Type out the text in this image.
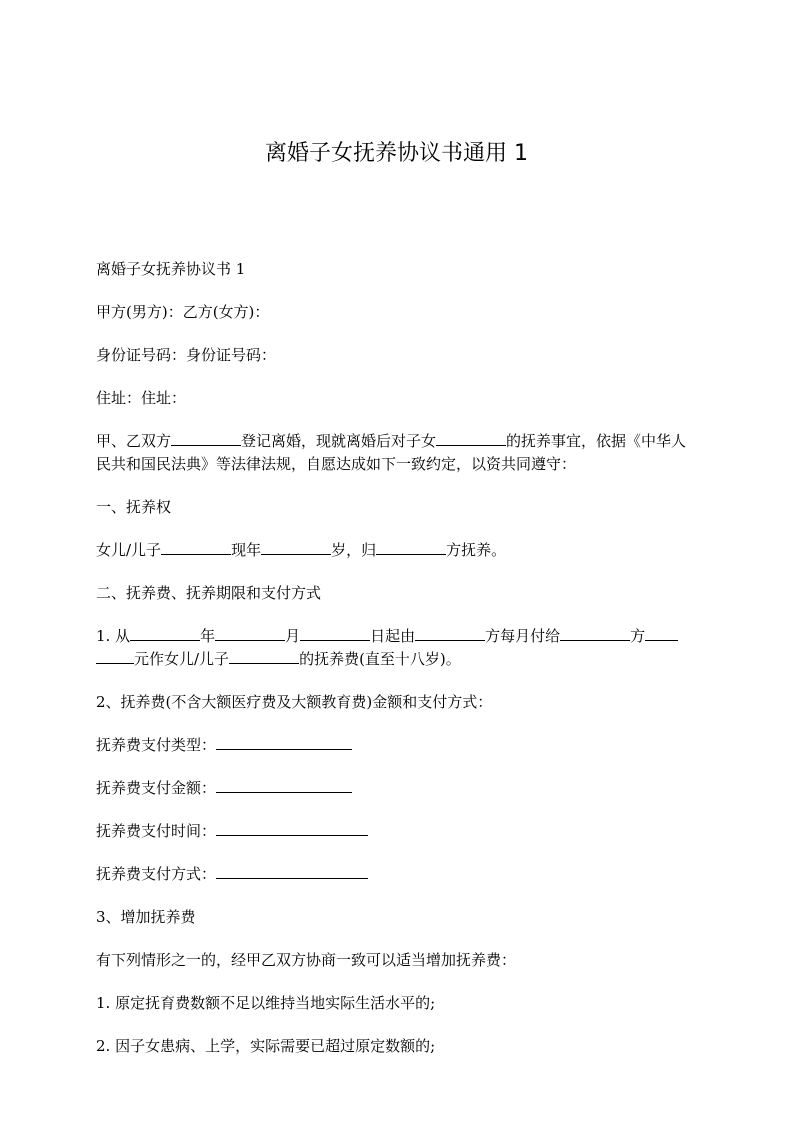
离婚子女抚养协议书通用 1

离婚子女抚养协议书 1

甲方(男方)：乙方(女方)：

身份证号码：身份证号码：

住址：住址：

甲、乙双方	登记离婚，现就离婚后对子女	的抚养事宜，依据《中华人民共和国民法典》等法律法规，自愿达成如下一致约定，以资共同遵守：

一、抚养权

女儿/儿子	现年	岁，归	方抚养。

二、抚养费、抚养期限和支付方式

1. 从	年	月	日起由	方每月付给	方元作女儿/儿子	的抚养费(直至十八岁)。

2、抚养费(不含大额医疗费及大额教育费)金额和支付方式：

抚养费支付类型：

抚养费支付金额：

抚养费支付时间：

抚养费支付方式：

3、增加抚养费

有下列情形之一的，经甲乙双方协商一致可以适当增加抚养费：

1. 原定抚育费数额不足以维持当地实际生活水平的;

2. 因子女患病、上学，实际需要已超过原定数额的;
